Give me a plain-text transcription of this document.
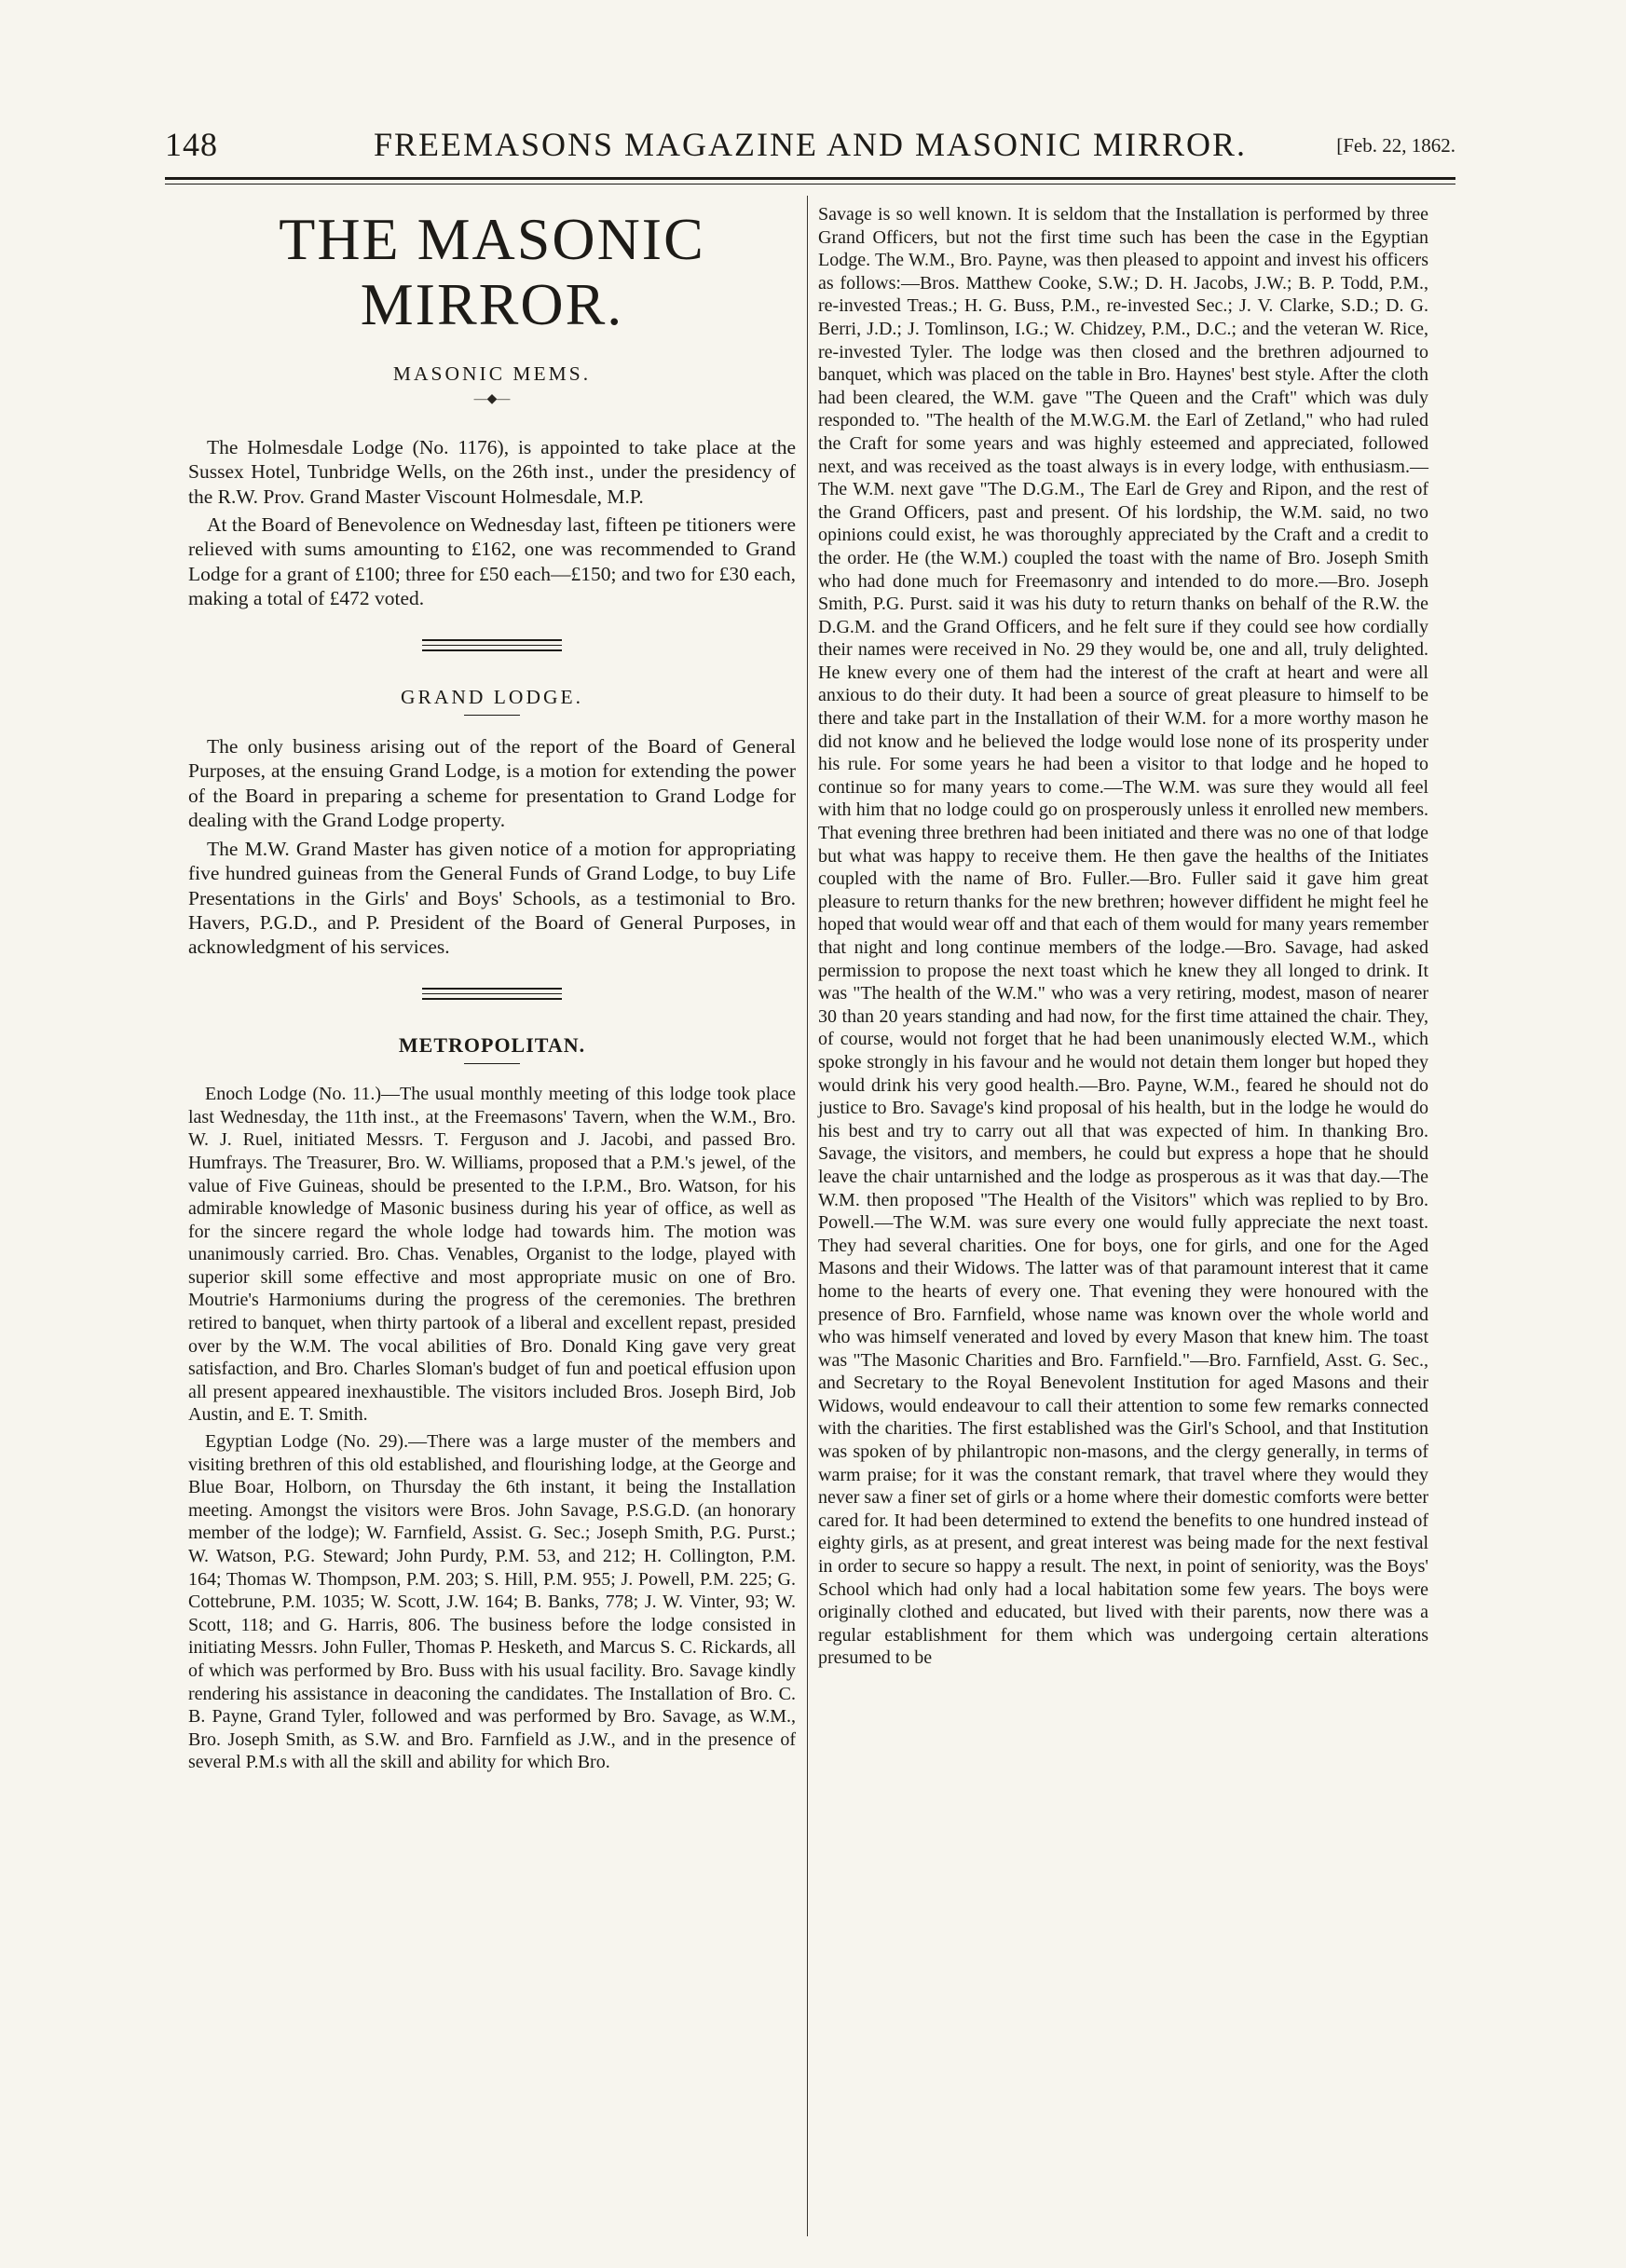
148	FREEMASONS MAGAZINE AND MASONIC MIRROR.	[Feb. 22, 1862.
THE MASONIC MIRROR.
MASONIC MEMS.
—◆—

The Holmesdale Lodge (No. 1176), is appointed to take place at the Sussex Hotel, Tunbridge Wells, on the 26th inst., under the presidency of the R.W. Prov. Grand Master Viscount Holmesdale, M.P.

At the Board of Benevolence on Wednesday last, fifteen pe titioners were relieved with sums amounting to £162, one was recommended to Grand Lodge for a grant of £100; three for £50 each—£150; and two for £30 each, making a total of £472 voted.

GRAND LODGE.

The only business arising out of the report of the Board of General Purposes, at the ensuing Grand Lodge, is a motion for extending the power of the Board in preparing a scheme for presentation to Grand Lodge for dealing with the Grand Lodge property.

The M.W. Grand Master has given notice of a motion for appropriating five hundred guineas from the General Funds of Grand Lodge, to buy Life Presentations in the Girls' and Boys' Schools, as a testimonial to Bro. Havers, P.G.D., and P. President of the Board of General Purposes, in acknowledgment of his services.

METROPOLITAN.

Enoch Lodge (No. 11.)—The usual monthly meeting of this lodge took place last Wednesday, the 11th inst., at the Freemasons' Tavern, when the W.M., Bro. W. J. Ruel, initiated Messrs. T. Ferguson and J. Jacobi, and passed Bro. Humfrays. The Treasurer, Bro. W. Williams, proposed that a P.M.'s jewel, of the value of Five Guineas, should be presented to the I.P.M., Bro. Watson, for his admirable knowledge of Masonic business during his year of office, as well as for the sincere regard the whole lodge had towards him. The motion was unanimously carried. Bro. Chas. Venables, Organist to the lodge, played with superior skill some effective and most appropriate music on one of Bro. Moutrie's Harmoniums during the progress of the ceremonies. The brethren retired to banquet, when thirty partook of a liberal and excellent repast, presided over by the W.M. The vocal abilities of Bro. Donald King gave very great satisfaction, and Bro. Charles Sloman's budget of fun and poetical effusion upon all present appeared inexhaustible. The visitors included Bros. Joseph Bird, Job Austin, and E. T. Smith.

Egyptian Lodge (No. 29).—There was a large muster of the members and visiting brethren of this old established, and flourishing lodge, at the George and Blue Boar, Holborn, on Thursday the 6th instant, it being the Installation meeting. Amongst the visitors were Bros. John Savage, P.S.G.D. (an honorary member of the lodge); W. Farnfield, Assist. G. Sec.; Joseph Smith, P.G. Purst.; W. Watson, P.G. Steward; John Purdy, P.M. 53, and 212; H. Collington, P.M. 164; Thomas W. Thompson, P.M. 203; S. Hill, P.M. 955; J. Powell, P.M. 225; G. Cottebrune, P.M. 1035; W. Scott, J.W. 164; B. Banks, 778; J. W. Vinter, 93; W. Scott, 118; and G. Harris, 806. The business before the lodge consisted in initiating Messrs. John Fuller, Thomas P. Hesketh, and Marcus S. C. Rickards, all of which was performed by Bro. Buss with his usual facility. Bro. Savage kindly rendering his assistance in deaconing the candidates. The Installation of Bro. C. B. Payne, Grand Tyler, followed and was performed by Bro. Savage, as W.M., Bro. Joseph Smith, as S.W. and Bro. Farnfield as J.W., and in the presence of several P.M.s with all the skill and ability for which Bro.

Savage is so well known. It is seldom that the Installation is performed by three Grand Officers, but not the first time such has been the case in the Egyptian Lodge. The W.M., Bro. Payne, was then pleased to appoint and invest his officers as follows:—Bros. Matthew Cooke, S.W.; D. H. Jacobs, J.W.; B. P. Todd, P.M., re-invested Treas.; H. G. Buss, P.M., re-invested Sec.; J. V. Clarke, S.D.; D. G. Berri, J.D.; J. Tomlinson, I.G.; W. Chidzey, P.M., D.C.; and the veteran W. Rice, re-invested Tyler. The lodge was then closed and the brethren adjourned to banquet, which was placed on the table in Bro. Haynes' best style. After the cloth had been cleared, the W.M. gave "The Queen and the Craft" which was duly responded to. "The health of the M.W.G.M. the Earl of Zetland," who had ruled the Craft for some years and was highly esteemed and appreciated, followed next, and was received as the toast always is in every lodge, with enthusiasm.—The W.M. next gave "The D.G.M., The Earl de Grey and Ripon, and the rest of the Grand Officers, past and present. Of his lordship, the W.M. said, no two opinions could exist, he was thoroughly appreciated by the Craft and a credit to the order. He (the W.M.) coupled the toast with the name of Bro. Joseph Smith who had done much for Freemasonry and intended to do more.—Bro. Joseph Smith, P.G. Purst. said it was his duty to return thanks on behalf of the R.W. the D.G.M. and the Grand Officers, and he felt sure if they could see how cordially their names were received in No. 29 they would be, one and all, truly delighted. He knew every one of them had the interest of the craft at heart and were all anxious to do their duty. It had been a source of great pleasure to himself to be there and take part in the Installation of their W.M. for a more worthy mason he did not know and he believed the lodge would lose none of its prosperity under his rule. For some years he had been a visitor to that lodge and he hoped to continue so for many years to come.—The W.M. was sure they would all feel with him that no lodge could go on prosperously unless it enrolled new members. That evening three brethren had been initiated and there was no one of that lodge but what was happy to receive them. He then gave the healths of the Initiates coupled with the name of Bro. Fuller.—Bro. Fuller said it gave him great pleasure to return thanks for the new brethren; however diffident he might feel he hoped that would wear off and that each of them would for many years remember that night and long continue members of the lodge.—Bro. Savage, had asked permission to propose the next toast which he knew they all longed to drink. It was "The health of the W.M." who was a very retiring, modest, mason of nearer 30 than 20 years standing and had now, for the first time attained the chair. They, of course, would not forget that he had been unanimously elected W.M., which spoke strongly in his favour and he would not detain them longer but hoped they would drink his very good health.—Bro. Payne, W.M., feared he should not do justice to Bro. Savage's kind proposal of his health, but in the lodge he would do his best and try to carry out all that was expected of him. In thanking Bro. Savage, the visitors, and members, he could but express a hope that he should leave the chair untarnished and the lodge as prosperous as it was that day.—The W.M. then proposed "The Health of the Visitors" which was replied to by Bro. Powell.—The W.M. was sure every one would fully appreciate the next toast. They had several charities. One for boys, one for girls, and one for the Aged Masons and their Widows. The latter was of that paramount interest that it came home to the hearts of every one. That evening they were honoured with the presence of Bro. Farnfield, whose name was known over the whole world and who was himself venerated and loved by every Mason that knew him. The toast was "The Masonic Charities and Bro. Farnfield."—Bro. Farnfield, Asst. G. Sec., and Secretary to the Royal Benevolent Institution for aged Masons and their Widows, would endeavour to call their attention to some few remarks connected with the charities. The first established was the Girl's School, and that Institution was spoken of by philantropic non-masons, and the clergy generally, in terms of warm praise; for it was the constant remark, that travel where they would they never saw a finer set of girls or a home where their domestic comforts were better cared for. It had been determined to extend the benefits to one hundred instead of eighty girls, as at present, and great interest was being made for the next festival in order to secure so happy a result. The next, in point of seniority, was the Boys' School which had only had a local habitation some few years. The boys were originally clothed and educated, but lived with their parents, now there was a regular establishment for them which was undergoing certain alterations presumed to be
